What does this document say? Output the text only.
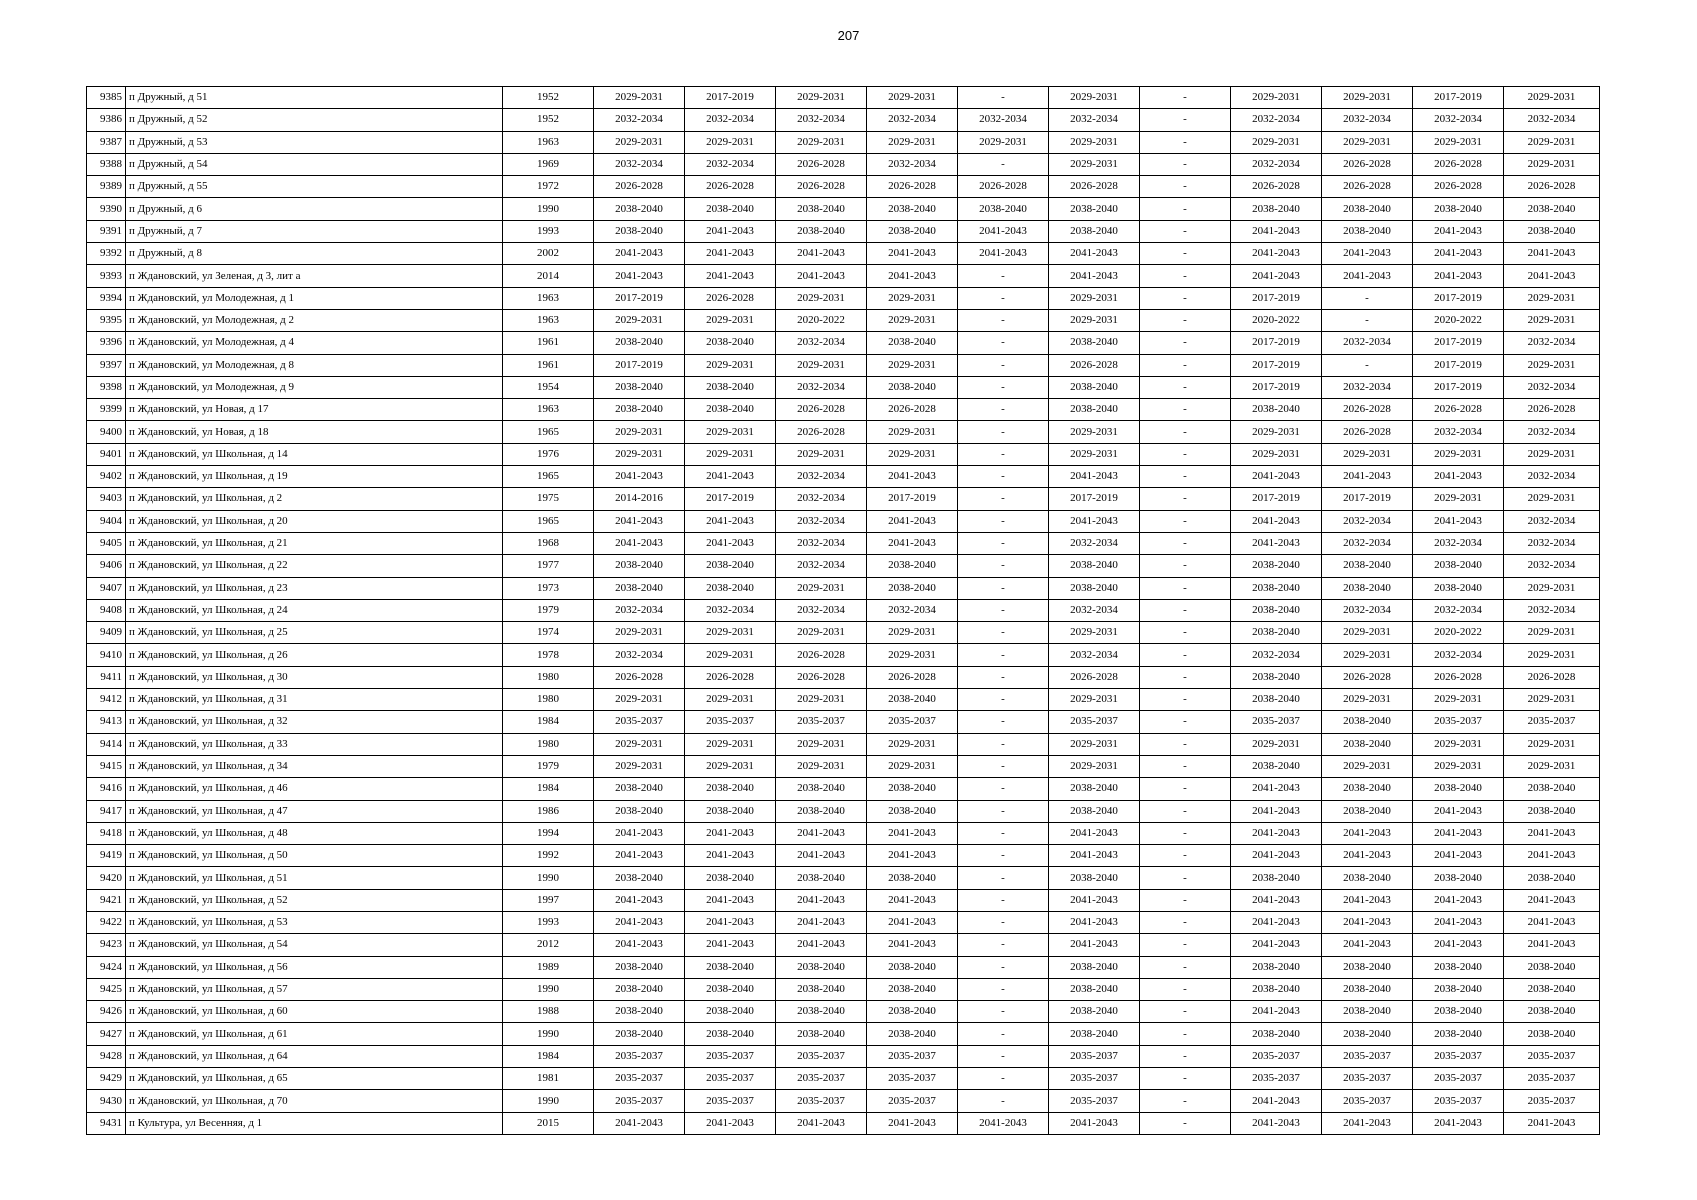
207
9385	п Дружный, д 51	1952	2029-2031	2017-2019	2029-2031	2029-2031	-	2029-2031	-	2029-2031	2029-2031	2017-2019	2029-2031
9386	п Дружный, д 52	1952	2032-2034	2032-2034	2032-2034	2032-2034	2032-2034	2032-2034	-	2032-2034	2032-2034	2032-2034	2032-2034
9387	п Дружный, д 53	1963	2029-2031	2029-2031	2029-2031	2029-2031	2029-2031	2029-2031	-	2029-2031	2029-2031	2029-2031	2029-2031
9388	п Дружный, д 54	1969	2032-2034	2032-2034	2026-2028	2032-2034	-	2029-2031	-	2032-2034	2026-2028	2026-2028	2029-2031
9389	п Дружный, д 55	1972	2026-2028	2026-2028	2026-2028	2026-2028	2026-2028	2026-2028	-	2026-2028	2026-2028	2026-2028	2026-2028
9390	п Дружный, д 6	1990	2038-2040	2038-2040	2038-2040	2038-2040	2038-2040	2038-2040	-	2038-2040	2038-2040	2038-2040	2038-2040
9391	п Дружный, д 7	1993	2038-2040	2041-2043	2038-2040	2038-2040	2041-2043	2038-2040	-	2041-2043	2038-2040	2041-2043	2038-2040
9392	п Дружный, д 8	2002	2041-2043	2041-2043	2041-2043	2041-2043	2041-2043	2041-2043	-	2041-2043	2041-2043	2041-2043	2041-2043
9393	п Ждановский, ул Зеленая, д 3, лит а	2014	2041-2043	2041-2043	2041-2043	2041-2043	-	2041-2043	-	2041-2043	2041-2043	2041-2043	2041-2043
9394	п Ждановский, ул Молодежная, д 1	1963	2017-2019	2026-2028	2029-2031	2029-2031	-	2029-2031	-	2017-2019	-	2017-2019	2029-2031
9395	п Ждановский, ул Молодежная, д 2	1963	2029-2031	2029-2031	2020-2022	2029-2031	-	2029-2031	-	2020-2022	-	2020-2022	2029-2031
9396	п Ждановский, ул Молодежная, д 4	1961	2038-2040	2038-2040	2032-2034	2038-2040	-	2038-2040	-	2017-2019	2032-2034	2017-2019	2032-2034
9397	п Ждановский, ул Молодежная, д 8	1961	2017-2019	2029-2031	2029-2031	2029-2031	-	2026-2028	-	2017-2019	-	2017-2019	2029-2031
9398	п Ждановский, ул Молодежная, д 9	1954	2038-2040	2038-2040	2032-2034	2038-2040	-	2038-2040	-	2017-2019	2032-2034	2017-2019	2032-2034
9399	п Ждановский, ул Новая, д 17	1963	2038-2040	2038-2040	2026-2028	2026-2028	-	2038-2040	-	2038-2040	2026-2028	2026-2028	2026-2028
9400	п Ждановский, ул Новая, д 18	1965	2029-2031	2029-2031	2026-2028	2029-2031	-	2029-2031	-	2029-2031	2026-2028	2032-2034	2032-2034
9401	п Ждановский, ул Школьная, д 14	1976	2029-2031	2029-2031	2029-2031	2029-2031	-	2029-2031	-	2029-2031	2029-2031	2029-2031	2029-2031
9402	п Ждановский, ул Школьная, д 19	1965	2041-2043	2041-2043	2032-2034	2041-2043	-	2041-2043	-	2041-2043	2041-2043	2041-2043	2032-2034
9403	п Ждановский, ул Школьная, д 2	1975	2014-2016	2017-2019	2032-2034	2017-2019	-	2017-2019	-	2017-2019	2017-2019	2029-2031	2029-2031
9404	п Ждановский, ул Школьная, д 20	1965	2041-2043	2041-2043	2032-2034	2041-2043	-	2041-2043	-	2041-2043	2032-2034	2041-2043	2032-2034
9405	п Ждановский, ул Школьная, д 21	1968	2041-2043	2041-2043	2032-2034	2041-2043	-	2032-2034	-	2041-2043	2032-2034	2032-2034	2032-2034
9406	п Ждановский, ул Школьная, д 22	1977	2038-2040	2038-2040	2032-2034	2038-2040	-	2038-2040	-	2038-2040	2038-2040	2038-2040	2032-2034
9407	п Ждановский, ул Школьная, д 23	1973	2038-2040	2038-2040	2029-2031	2038-2040	-	2038-2040	-	2038-2040	2038-2040	2038-2040	2029-2031
9408	п Ждановский, ул Школьная, д 24	1979	2032-2034	2032-2034	2032-2034	2032-2034	-	2032-2034	-	2038-2040	2032-2034	2032-2034	2032-2034
9409	п Ждановский, ул Школьная, д 25	1974	2029-2031	2029-2031	2029-2031	2029-2031	-	2029-2031	-	2038-2040	2029-2031	2020-2022	2029-2031
9410	п Ждановский, ул Школьная, д 26	1978	2032-2034	2029-2031	2026-2028	2029-2031	-	2032-2034	-	2032-2034	2029-2031	2032-2034	2029-2031
9411	п Ждановский, ул Школьная, д 30	1980	2026-2028	2026-2028	2026-2028	2026-2028	-	2026-2028	-	2038-2040	2026-2028	2026-2028	2026-2028
9412	п Ждановский, ул Школьная, д 31	1980	2029-2031	2029-2031	2029-2031	2038-2040	-	2029-2031	-	2038-2040	2029-2031	2029-2031	2029-2031
9413	п Ждановский, ул Школьная, д 32	1984	2035-2037	2035-2037	2035-2037	2035-2037	-	2035-2037	-	2035-2037	2038-2040	2035-2037	2035-2037
9414	п Ждановский, ул Школьная, д 33	1980	2029-2031	2029-2031	2029-2031	2029-2031	-	2029-2031	-	2029-2031	2038-2040	2029-2031	2029-2031
9415	п Ждановский, ул Школьная, д 34	1979	2029-2031	2029-2031	2029-2031	2029-2031	-	2029-2031	-	2038-2040	2029-2031	2029-2031	2029-2031
9416	п Ждановский, ул Школьная, д 46	1984	2038-2040	2038-2040	2038-2040	2038-2040	-	2038-2040	-	2041-2043	2038-2040	2038-2040	2038-2040
9417	п Ждановский, ул Школьная, д 47	1986	2038-2040	2038-2040	2038-2040	2038-2040	-	2038-2040	-	2041-2043	2038-2040	2041-2043	2038-2040
9418	п Ждановский, ул Школьная, д 48	1994	2041-2043	2041-2043	2041-2043	2041-2043	-	2041-2043	-	2041-2043	2041-2043	2041-2043	2041-2043
9419	п Ждановский, ул Школьная, д 50	1992	2041-2043	2041-2043	2041-2043	2041-2043	-	2041-2043	-	2041-2043	2041-2043	2041-2043	2041-2043
9420	п Ждановский, ул Школьная, д 51	1990	2038-2040	2038-2040	2038-2040	2038-2040	-	2038-2040	-	2038-2040	2038-2040	2038-2040	2038-2040
9421	п Ждановский, ул Школьная, д 52	1997	2041-2043	2041-2043	2041-2043	2041-2043	-	2041-2043	-	2041-2043	2041-2043	2041-2043	2041-2043
9422	п Ждановский, ул Школьная, д 53	1993	2041-2043	2041-2043	2041-2043	2041-2043	-	2041-2043	-	2041-2043	2041-2043	2041-2043	2041-2043
9423	п Ждановский, ул Школьная, д 54	2012	2041-2043	2041-2043	2041-2043	2041-2043	-	2041-2043	-	2041-2043	2041-2043	2041-2043	2041-2043
9424	п Ждановский, ул Школьная, д 56	1989	2038-2040	2038-2040	2038-2040	2038-2040	-	2038-2040	-	2038-2040	2038-2040	2038-2040	2038-2040
9425	п Ждановский, ул Школьная, д 57	1990	2038-2040	2038-2040	2038-2040	2038-2040	-	2038-2040	-	2038-2040	2038-2040	2038-2040	2038-2040
9426	п Ждановский, ул Школьная, д 60	1988	2038-2040	2038-2040	2038-2040	2038-2040	-	2038-2040	-	2041-2043	2038-2040	2038-2040	2038-2040
9427	п Ждановский, ул Школьная, д 61	1990	2038-2040	2038-2040	2038-2040	2038-2040	-	2038-2040	-	2038-2040	2038-2040	2038-2040	2038-2040
9428	п Ждановский, ул Школьная, д 64	1984	2035-2037	2035-2037	2035-2037	2035-2037	-	2035-2037	-	2035-2037	2035-2037	2035-2037	2035-2037
9429	п Ждановский, ул Школьная, д 65	1981	2035-2037	2035-2037	2035-2037	2035-2037	-	2035-2037	-	2035-2037	2035-2037	2035-2037	2035-2037
9430	п Ждановский, ул Школьная, д 70	1990	2035-2037	2035-2037	2035-2037	2035-2037	-	2035-2037	-	2041-2043	2035-2037	2035-2037	2035-2037
9431	п Культура, ул Весенняя, д 1	2015	2041-2043	2041-2043	2041-2043	2041-2043	2041-2043	2041-2043	-	2041-2043	2041-2043	2041-2043	2041-2043
